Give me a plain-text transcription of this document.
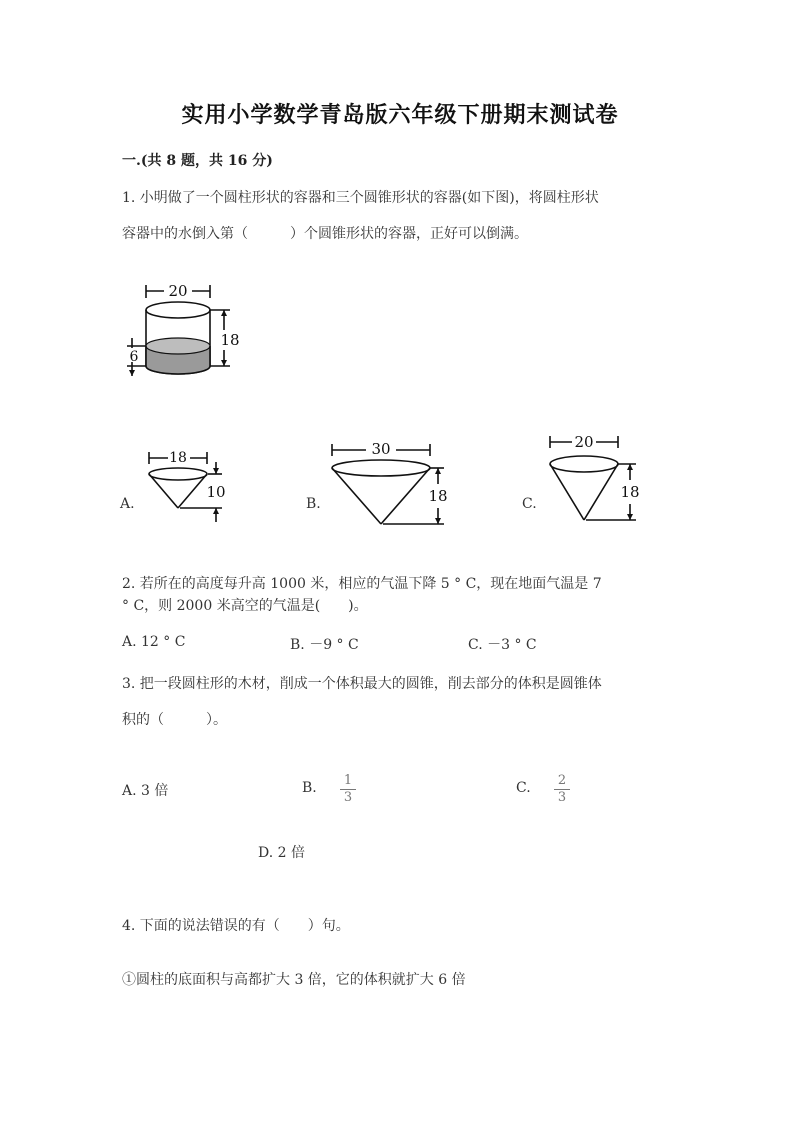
实用小学数学青岛版六年级下册期末测试卷
一.(共 8 题，共 16 分)
1. 小明做了一个圆柱形状的容器和三个圆锥形状的容器(如下图)，将圆柱形状
容器中的水倒入第（　　　）个圆锥形状的容器，正好可以倒满。
20
18
6
A.
18
10
B.
30
18	C.
20
18
2. 若所在的高度每升高 1000 米，相应的气温下降 5 ° C，现在地面气温是 7
° C，则 2000 米高空的气温是(　　)。
A. 12 ° C	B. －9 ° C	C. －3 ° C
3. 把一段圆柱形的木材，削成一个体积最大的圆锥，削去部分的体积是圆锥体
积的（　　　）。
A. 3 倍	B. $\frac{1}{3}$	C. $\frac{2}{3}$
D. 2 倍
4. 下面的说法错误的有（　　）句。
①圆柱的底面积与高都扩大 3 倍，它的体积就扩大 6 倍
